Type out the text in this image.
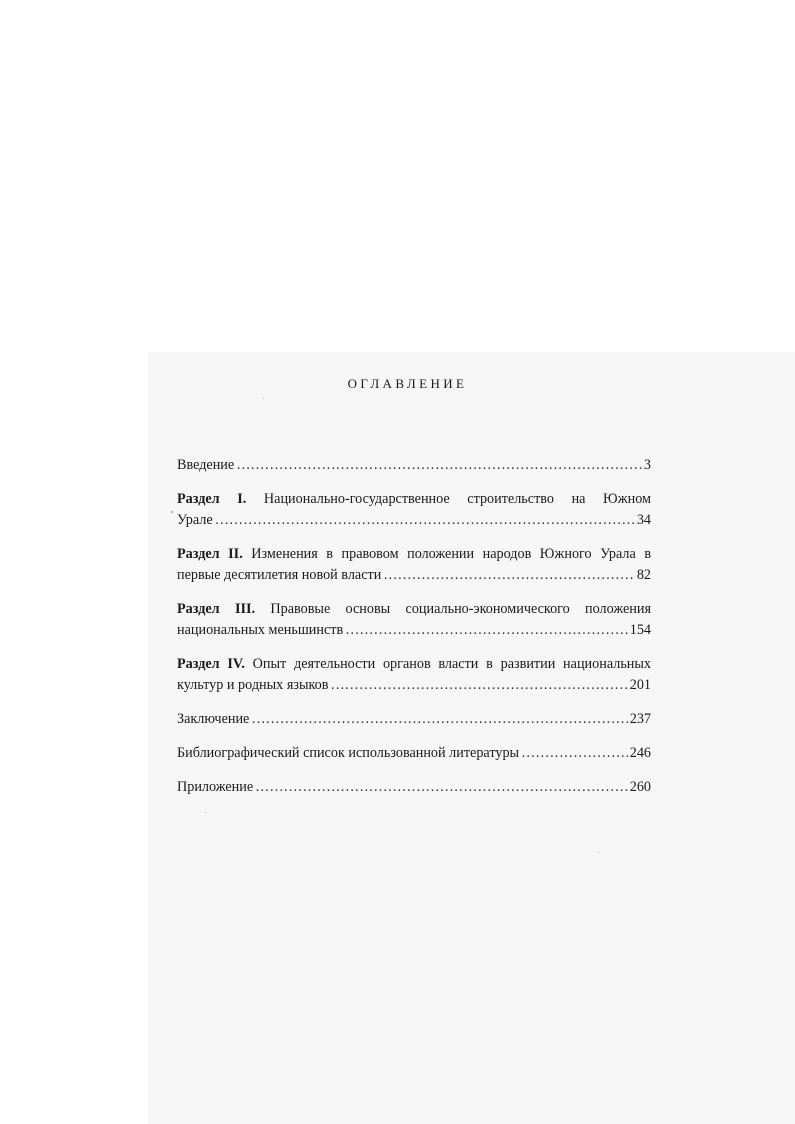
ОГЛАВЛЕНИЕ
Введение …………………………………………………………………………………………………………………………………………………………………………	3
Раздел I. Национально-государственное строительство на Южном
Урале …………………………………………………………………………………………………………………………………………………………………………	34
Раздел II. Изменения в правовом положении народов Южного Урала в
первые десятилетия новой власти …………………………………………………………………………………………………………………………………………………………………………	82
Раздел III. Правовые основы социально-экономического положения
национальных меньшинств …………………………………………………………………………………………………………………………………………………………………………	154
Раздел IV. Опыт деятельности органов власти в развитии национальных
культур и родных языков …………………………………………………………………………………………………………………………………………………………………………	201
Заключение …………………………………………………………………………………………………………………………………………………………………………	237
Библиографический список использованной литературы …………………………………………………………………………………………………………………………………………………………………………	246
Приложение …………………………………………………………………………………………………………………………………………………………………………	260
